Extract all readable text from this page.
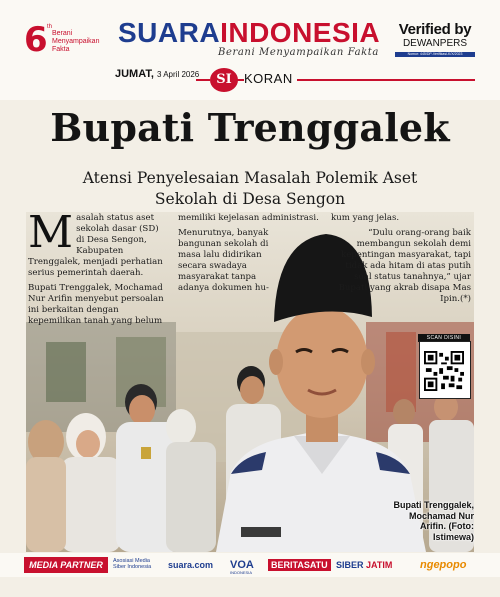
6 th
Berani Menyampaikan Fakta
SUARAINDONESIA
Berani Menyampaikan Fakta
Verified by
DEWANPERS
Nomor: 445/DP-Verifikasi-K/X/2023
JUMAT, 3 April 2026	SI KORAN
Bupati Trenggalek
Atensi Penyelesaian Masalah Polemik Aset Sekolah di Desa Sengon
M asalah status aset sekolah dasar (SD) di Desa Sengon, Kabupaten Trenggalek, menjadi perhatian serius pemerintah daerah.

Bupati Trenggalek, Mochamad Nur Arifin menyebut persoalan ini berkaitan dengan kepemilikan tanah yang belum

memiliki kejelasan administrasi.

Menurutnya, banyak bangunan sekolah di masa lalu didirikan secara swadaya masyarakat tanpa adanya dokumen hu-

kum yang jelas.

“Dulu orang-orang baik membangun sekolah demi kepentingan masyarakat, tapi tidak ada hitam di atas putih soal status tanahnya,” ujar Bupati yang akrab disapa Mas Ipin.(*)

SCAN DISINI
Bupati Trenggalek, Mochamad Nur Arifin. (Foto: Istimewa)
MEDIA PARTNER	Asosiasi Media Siber Indonesia	suara.com VOA
INDONESIA
BERITASATU SIBER JATIM	ngepopo
